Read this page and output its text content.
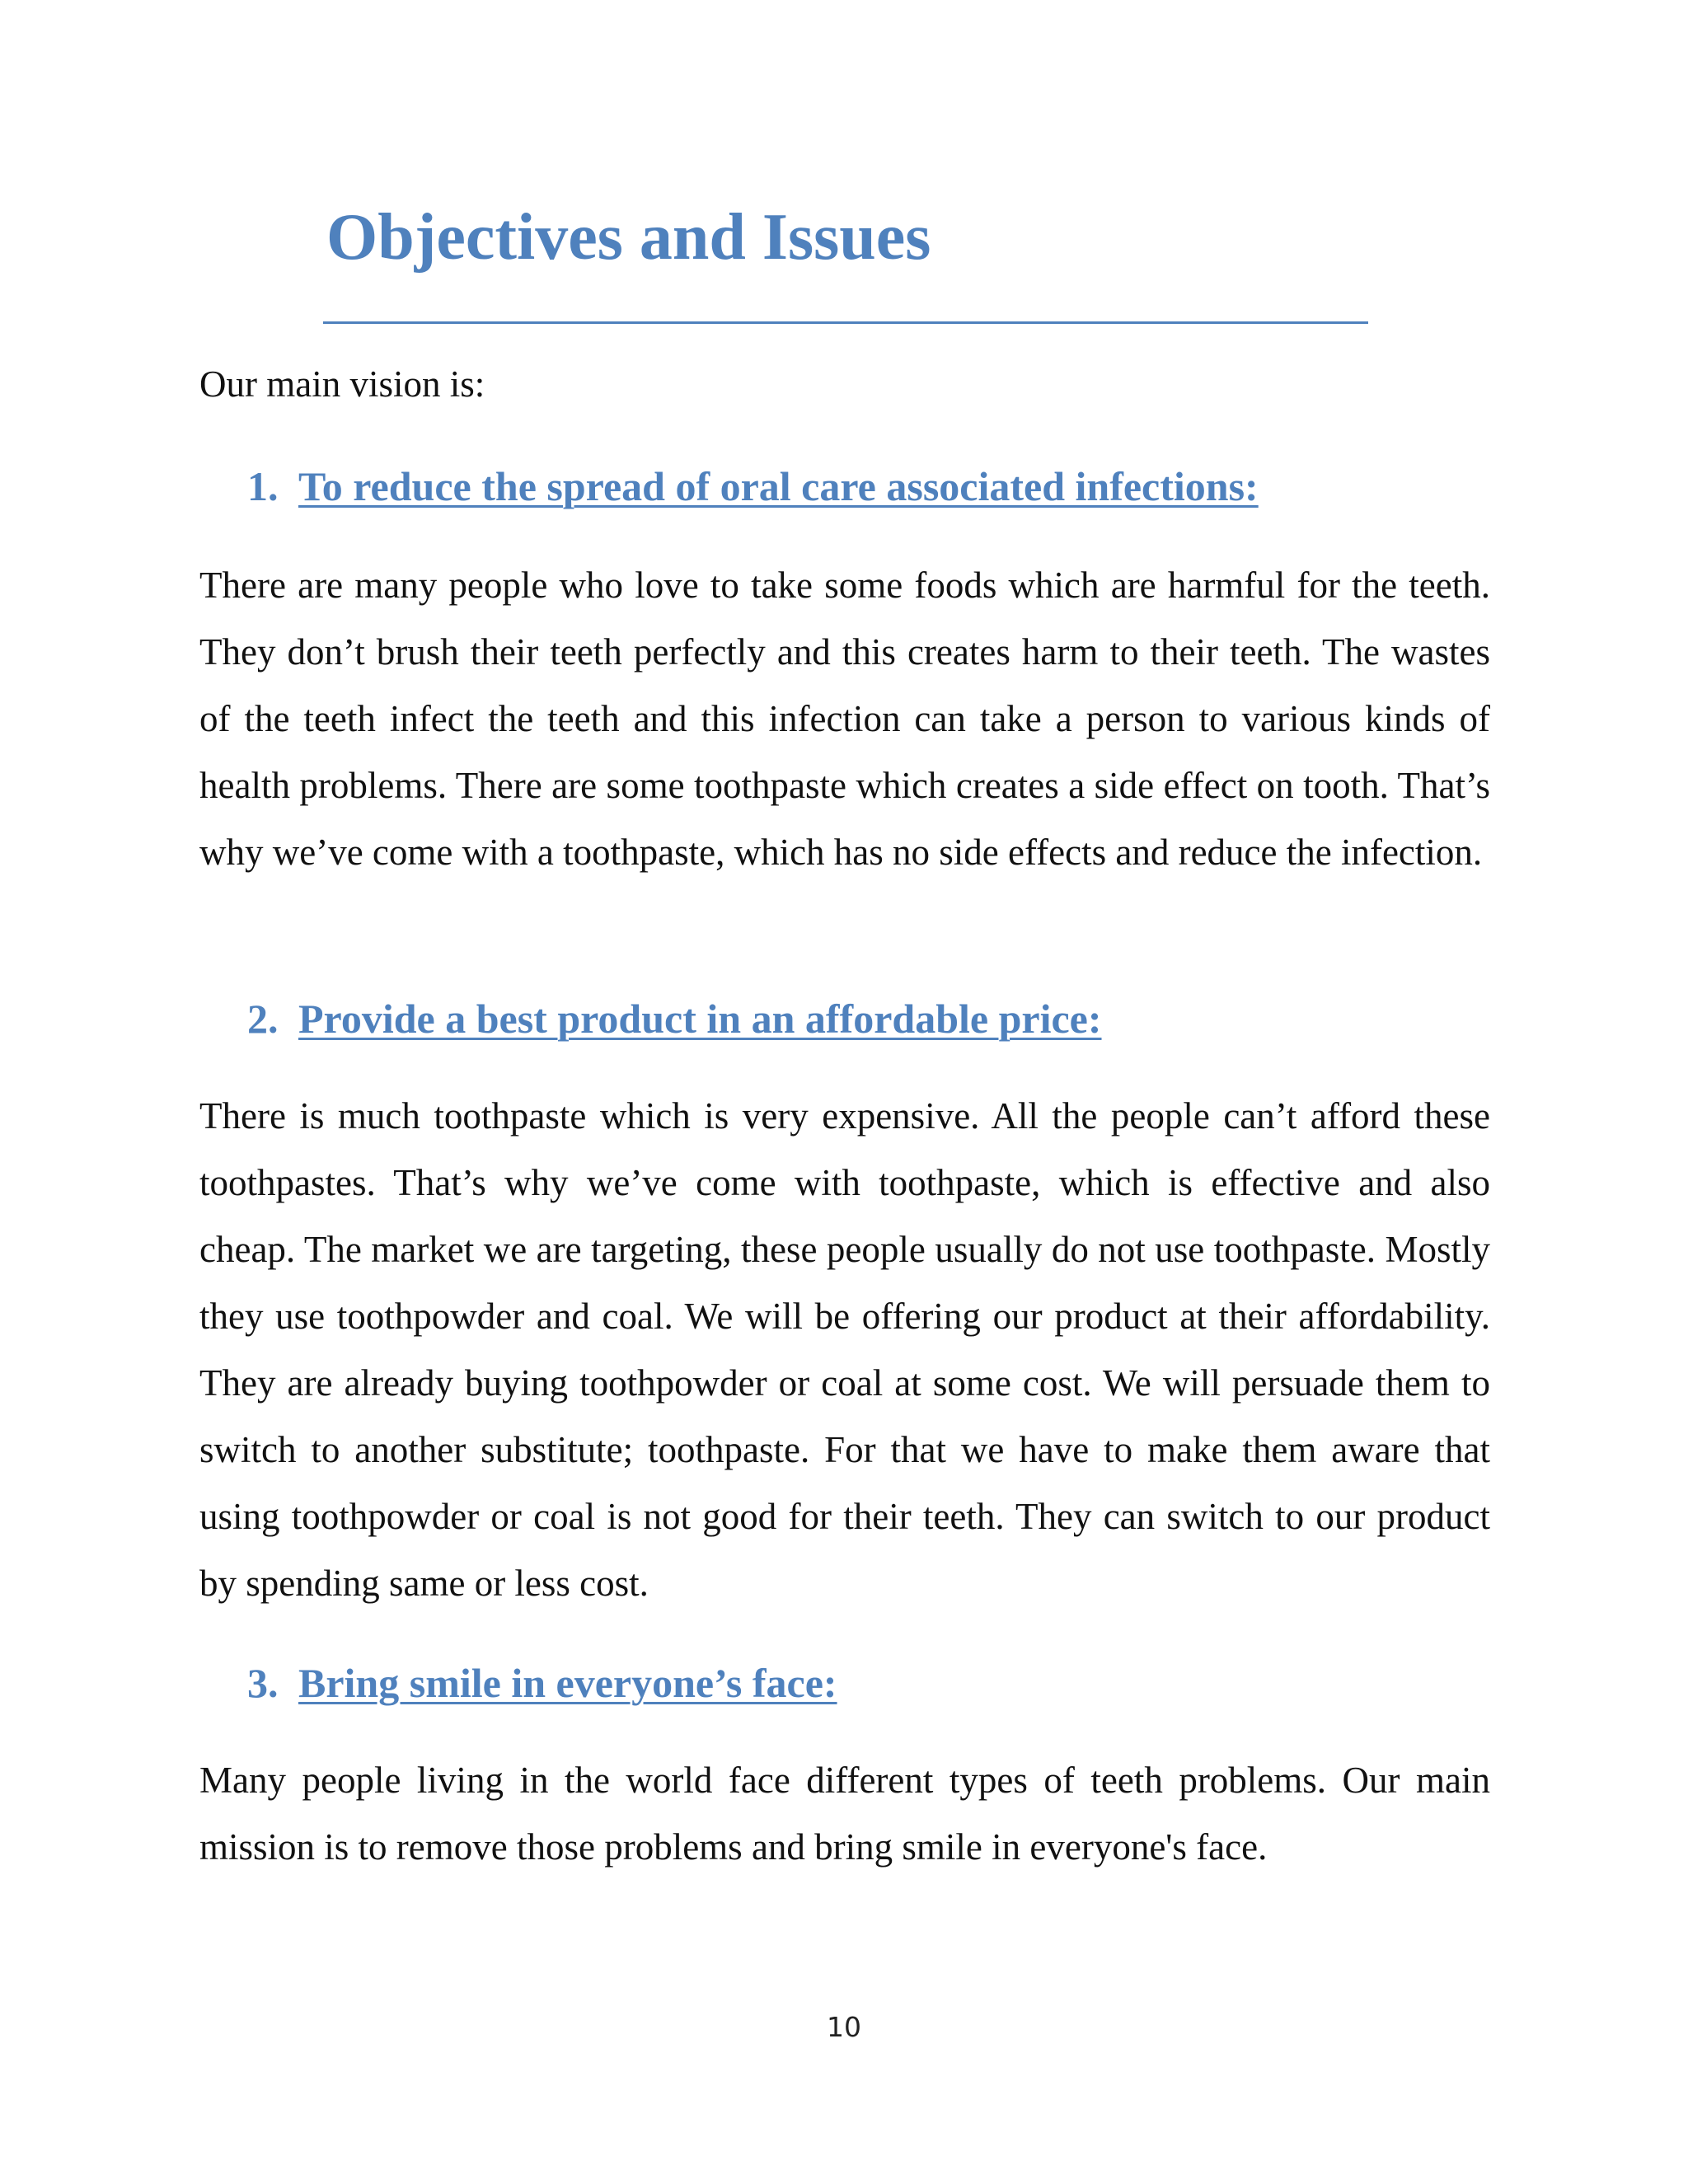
Objectives and Issues

Our main vision is:

1. To reduce the spread of oral care associated infections:

There are many people who love to take some foods which are harmful for the teeth. They don’t brush their teeth perfectly and this creates harm to their teeth. The wastes of the teeth infect the teeth and this infection can take a person to various kinds of health problems. There are some toothpaste which creates a side effect on tooth. That’s why we’ve come with a toothpaste, which has no side effects and reduce the infection.

2. Provide a best product in an affordable price:

There is much toothpaste which is very expensive. All the people can’t afford these toothpastes. That’s why we’ve come with toothpaste, which is effective and also cheap. The market we are targeting, these people usually do not use toothpaste. Mostly they use toothpowder and coal. We will be offering our product at their affordability. They are already buying toothpowder or coal at some cost. We will persuade them to switch to another substitute; toothpaste. For that we have to make them aware that using toothpowder or coal is not good for their teeth. They can switch to our product by spending same or less cost.

3. Bring smile in everyone’s face:

Many people living in the world face different types of teeth problems. Our main mission is to remove those problems and bring smile in everyone's face.

10
